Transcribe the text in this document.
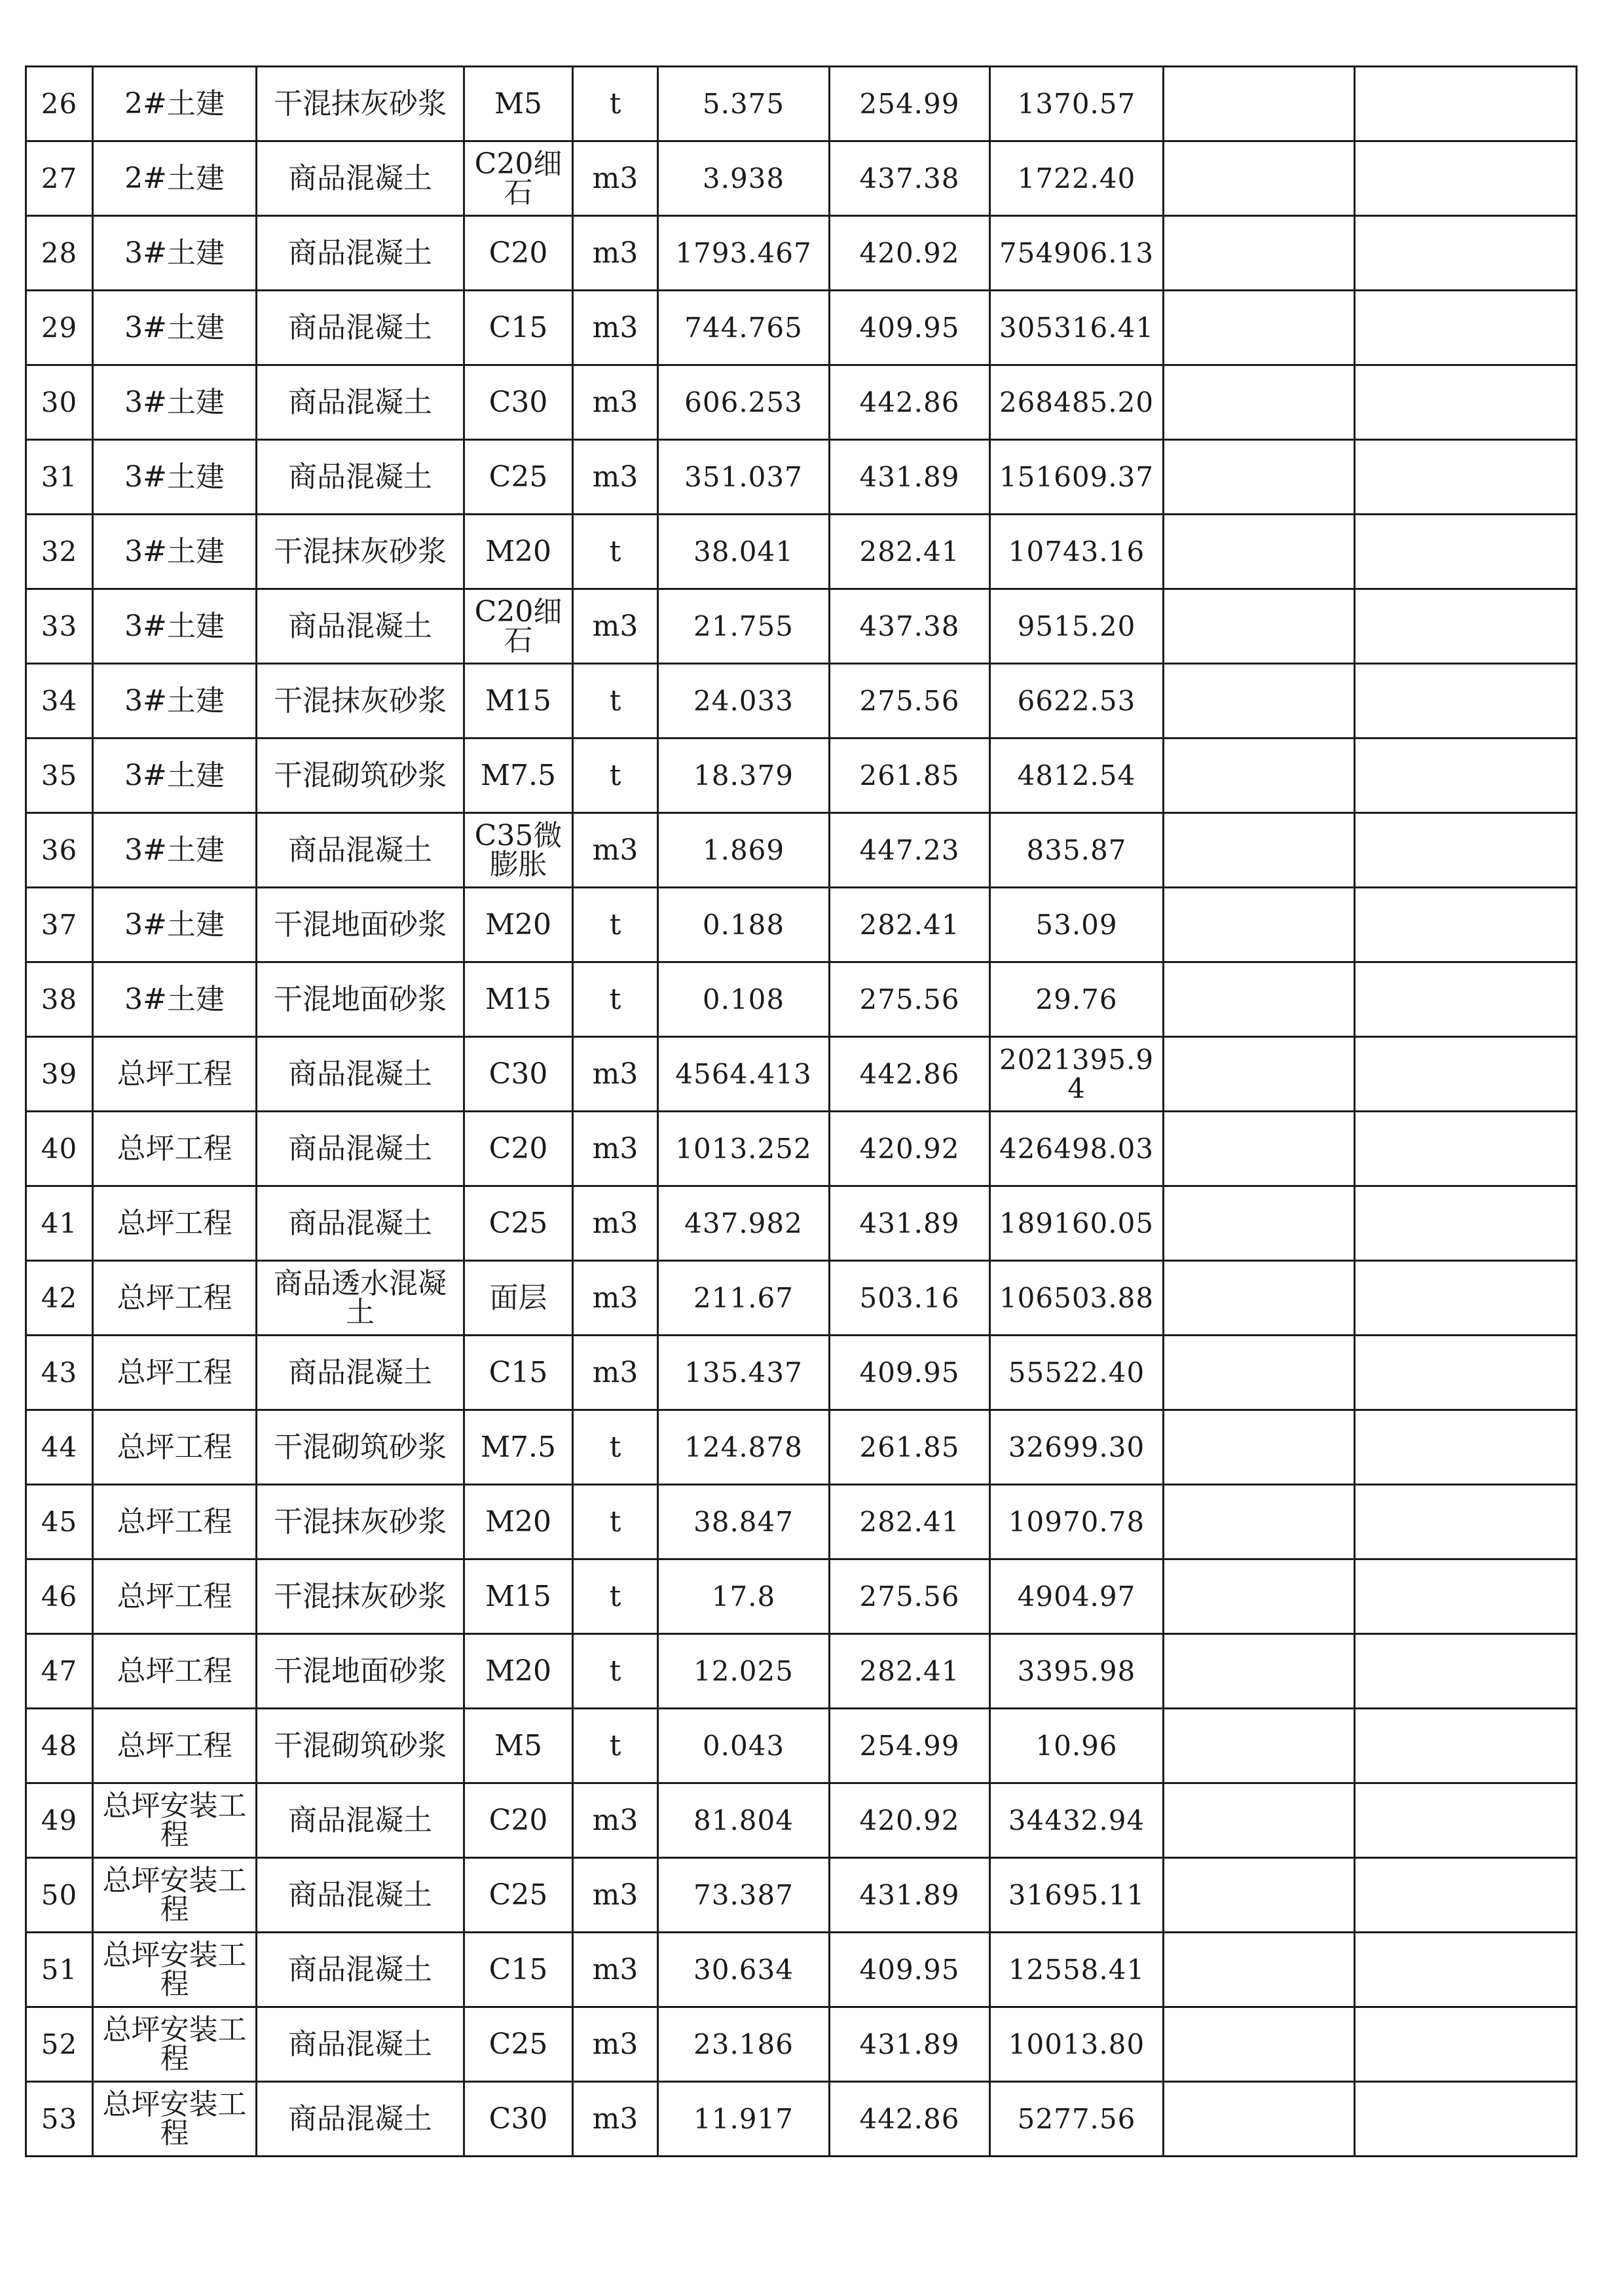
26	2#土建	干混抹灰砂浆	M5	t	5.375	254.99	1370.57		
27	2#土建	商品混凝土	C20细石	m3	3.938	437.38	1722.40		
28	3#土建	商品混凝土	C20	m3	1793.467	420.92	754906.13		
29	3#土建	商品混凝土	C15	m3	744.765	409.95	305316.41		
30	3#土建	商品混凝土	C30	m3	606.253	442.86	268485.20		
31	3#土建	商品混凝土	C25	m3	351.037	431.89	151609.37		
32	3#土建	干混抹灰砂浆	M20	t	38.041	282.41	10743.16		
33	3#土建	商品混凝土	C20细石	m3	21.755	437.38	9515.20		
34	3#土建	干混抹灰砂浆	M15	t	24.033	275.56	6622.53		
35	3#土建	干混砌筑砂浆	M7.5	t	18.379	261.85	4812.54		
36	3#土建	商品混凝土	C35微膨胀	m3	1.869	447.23	835.87		
37	3#土建	干混地面砂浆	M20	t	0.188	282.41	53.09		
38	3#土建	干混地面砂浆	M15	t	0.108	275.56	29.76		
39	总坪工程	商品混凝土	C30	m3	4564.413	442.86	2021395.94		
40	总坪工程	商品混凝土	C20	m3	1013.252	420.92	426498.03		
41	总坪工程	商品混凝土	C25	m3	437.982	431.89	189160.05		
42	总坪工程	商品透水混凝土	面层	m3	211.67	503.16	106503.88		
43	总坪工程	商品混凝土	C15	m3	135.437	409.95	55522.40		
44	总坪工程	干混砌筑砂浆	M7.5	t	124.878	261.85	32699.30		
45	总坪工程	干混抹灰砂浆	M20	t	38.847	282.41	10970.78		
46	总坪工程	干混抹灰砂浆	M15	t	17.8	275.56	4904.97		
47	总坪工程	干混地面砂浆	M20	t	12.025	282.41	3395.98		
48	总坪工程	干混砌筑砂浆	M5	t	0.043	254.99	10.96		
49	总坪安装工程	商品混凝土	C20	m3	81.804	420.92	34432.94		
50	总坪安装工程	商品混凝土	C25	m3	73.387	431.89	31695.11		
51	总坪安装工程	商品混凝土	C15	m3	30.634	409.95	12558.41		
52	总坪安装工程	商品混凝土	C25	m3	23.186	431.89	10013.80		
53	总坪安装工程	商品混凝土	C30	m3	11.917	442.86	5277.56		
